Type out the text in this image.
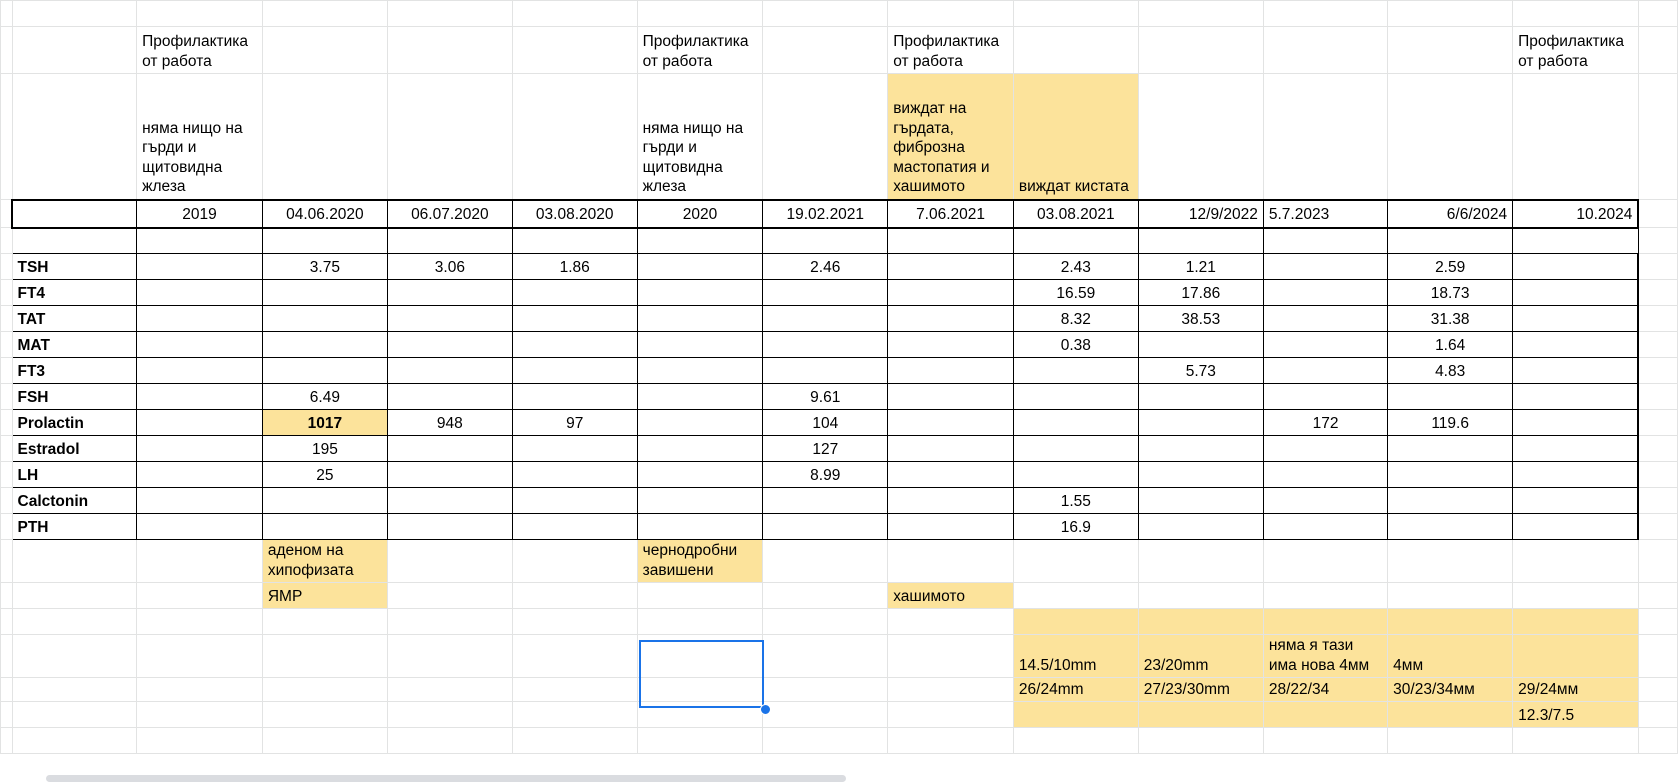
		Профилактика от работа				Профилактика от работа		Профилактика от работа					Профилактика от работа	
		няма нищо на гърди и щитовидна жлеза				няма нищо на гърди и щитовидна жлеза		виждат на гърдата, фиброзна мастопатия и хашимото	виждат кистата					
		2019	04.06.2020	06.07.2020	03.08.2020	2020	19.02.2021	7.06.2021	03.08.2021	12/9/2022	5.7.2023	6/6/2024	10.2024	

	TSH		3.75	3.06	1.86		2.46		2.43	1.21		2.59		
	FT4								16.59	17.86		18.73		
	TAT								8.32	38.53		31.38		
	MAT								0.38			1.64		
	FT3									5.73		4.83		
	FSH		6.49				9.61							
	Prolactin		1017	948	97		104				172	119.6		
	Estradol		195				127							
	LH		25				8.99							
	Calctonin								1.55					
	PTH								16.9					
			аденом на хипофизата			чернодробни завишени								
			ЯМР					хашимото						

									14.5/10mm	23/20mm	няма я тази има нова 4мм	4мм		
									26/24mm	27/23/30mm	28/22/34	30/23/34мм	29/24мм	
													12.3/7.5	
